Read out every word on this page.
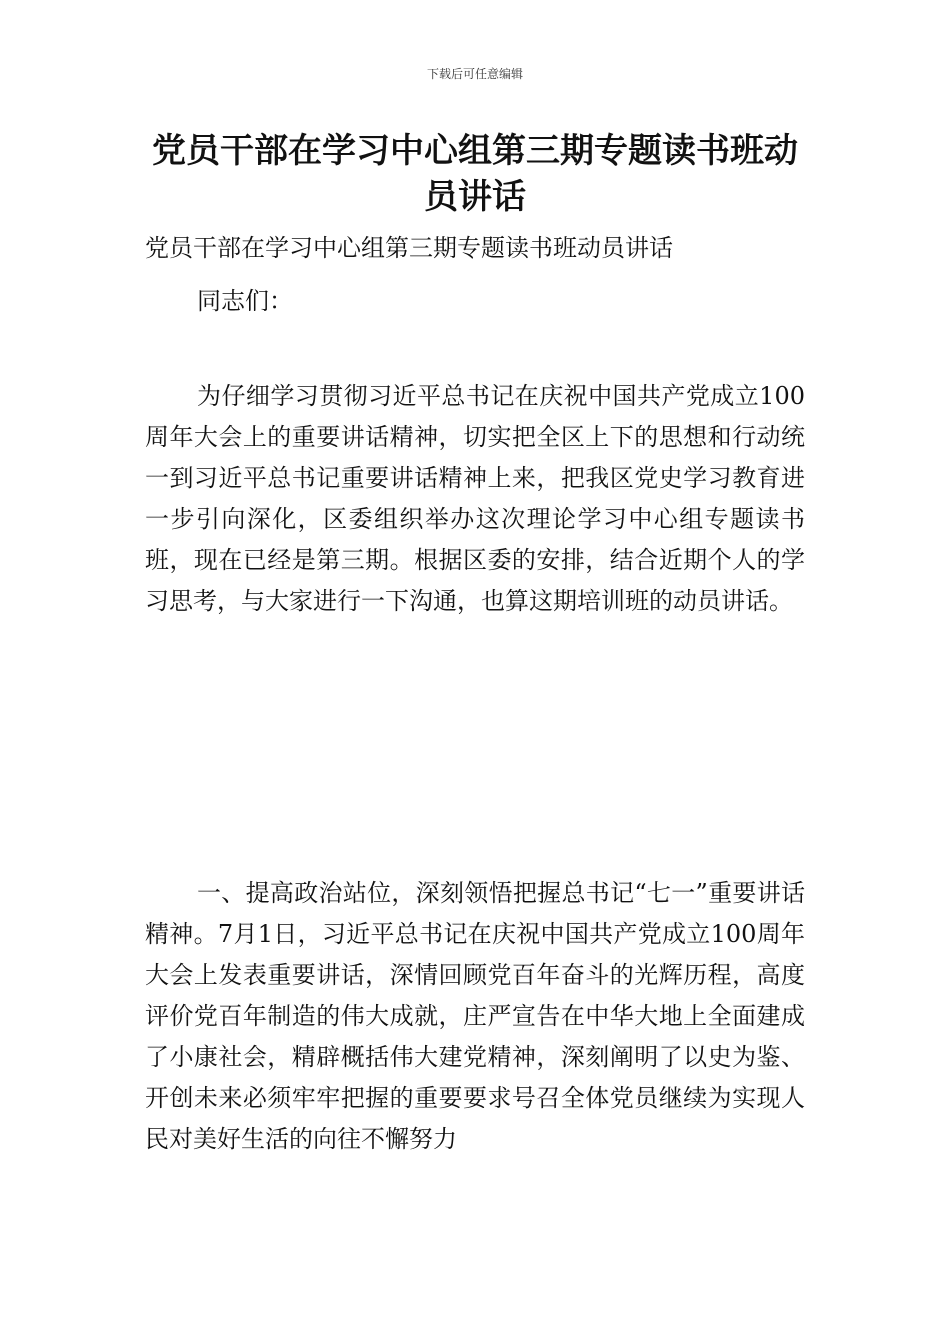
下载后可任意编辑
党员干部在学习中心组第三期专题读书班动员讲话

党员干部在学习中心组第三期专题读书班动员讲话

同志们：

为仔细学习贯彻习近平总书记在庆祝中国共产党成立100周年大会上的重要讲话精神，切实把全区上下的思想和行动统一到习近平总书记重要讲话精神上来，把我区党史学习教育进一步引向深化，区委组织举办这次理论学习中心组专题读书班，现在已经是第三期。根据区委的安排，结合近期个人的学习思考，与大家进行一下沟通，也算这期培训班的动员讲话。

一、提高政治站位，深刻领悟把握总书记“七一”重要讲话精神。7月1日，习近平总书记在庆祝中国共产党成立100周年大会上发表重要讲话，深情回顾党百年奋斗的光辉历程，高度评价党百年制造的伟大成就，庄严宣告在中华大地上全面建成了小康社会，精辟概括伟大建党精神，深刻阐明了以史为鉴、开创未来必须牢牢把握的重要要求号召全体党员继续为实现人民对美好生活的向往不懈努力
